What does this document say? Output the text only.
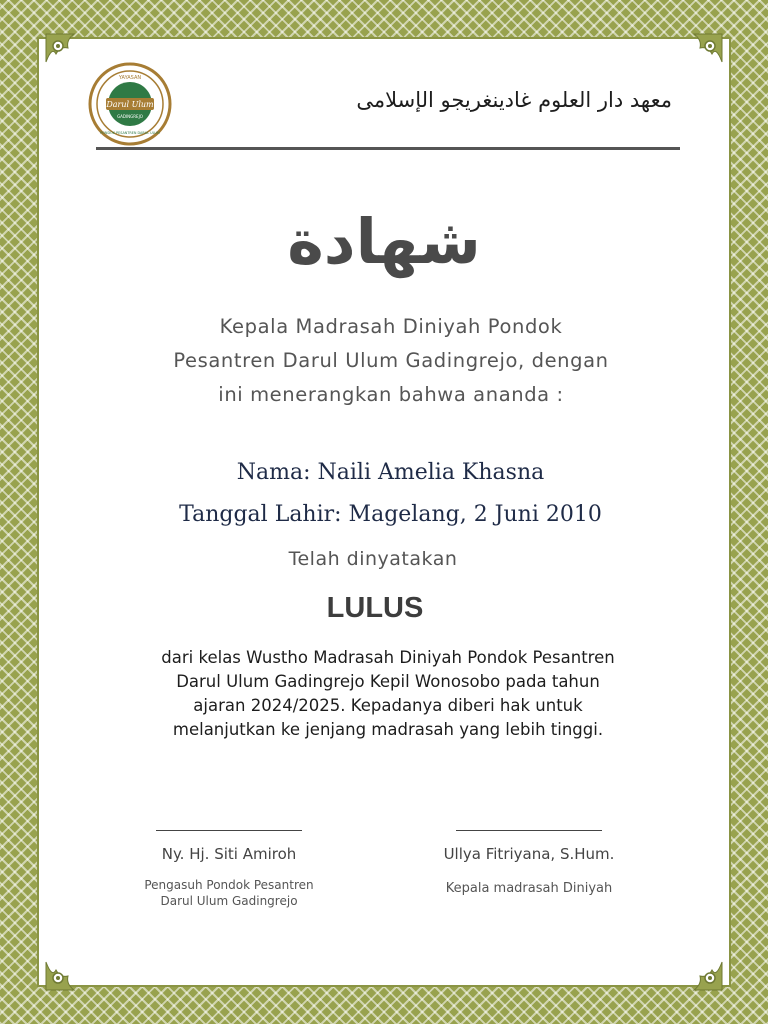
YAYASAN
Darul Ulum
GADINGREJO
PONDOK PESANTREN DARUL ULUM
معهد دار العلوم غادينغريجو الإسلامى
شهادة
Kepala Madrasah Diniyah Pondok
Pesantren Darul Ulum Gadingrejo, dengan
ini menerangkan bahwa ananda :
Nama: Naili Amelia Khasna
Tanggal Lahir: Magelang, 2 Juni 2010
Telah dinyatakan
LULUS
dari kelas Wustho Madrasah Diniyah Pondok Pesantren
Darul Ulum Gadingrejo Kepil Wonosobo pada tahun
ajaran 2024/2025. Kepadanya diberi hak untuk
melanjutkan ke jenjang madrasah yang lebih tinggi.
Ny. Hj. Siti Amiroh
Pengasuh Pondok Pesantren
Darul Ulum Gadingrejo
Ullya Fitriyana, S.Hum.
Kepala madrasah Diniyah
